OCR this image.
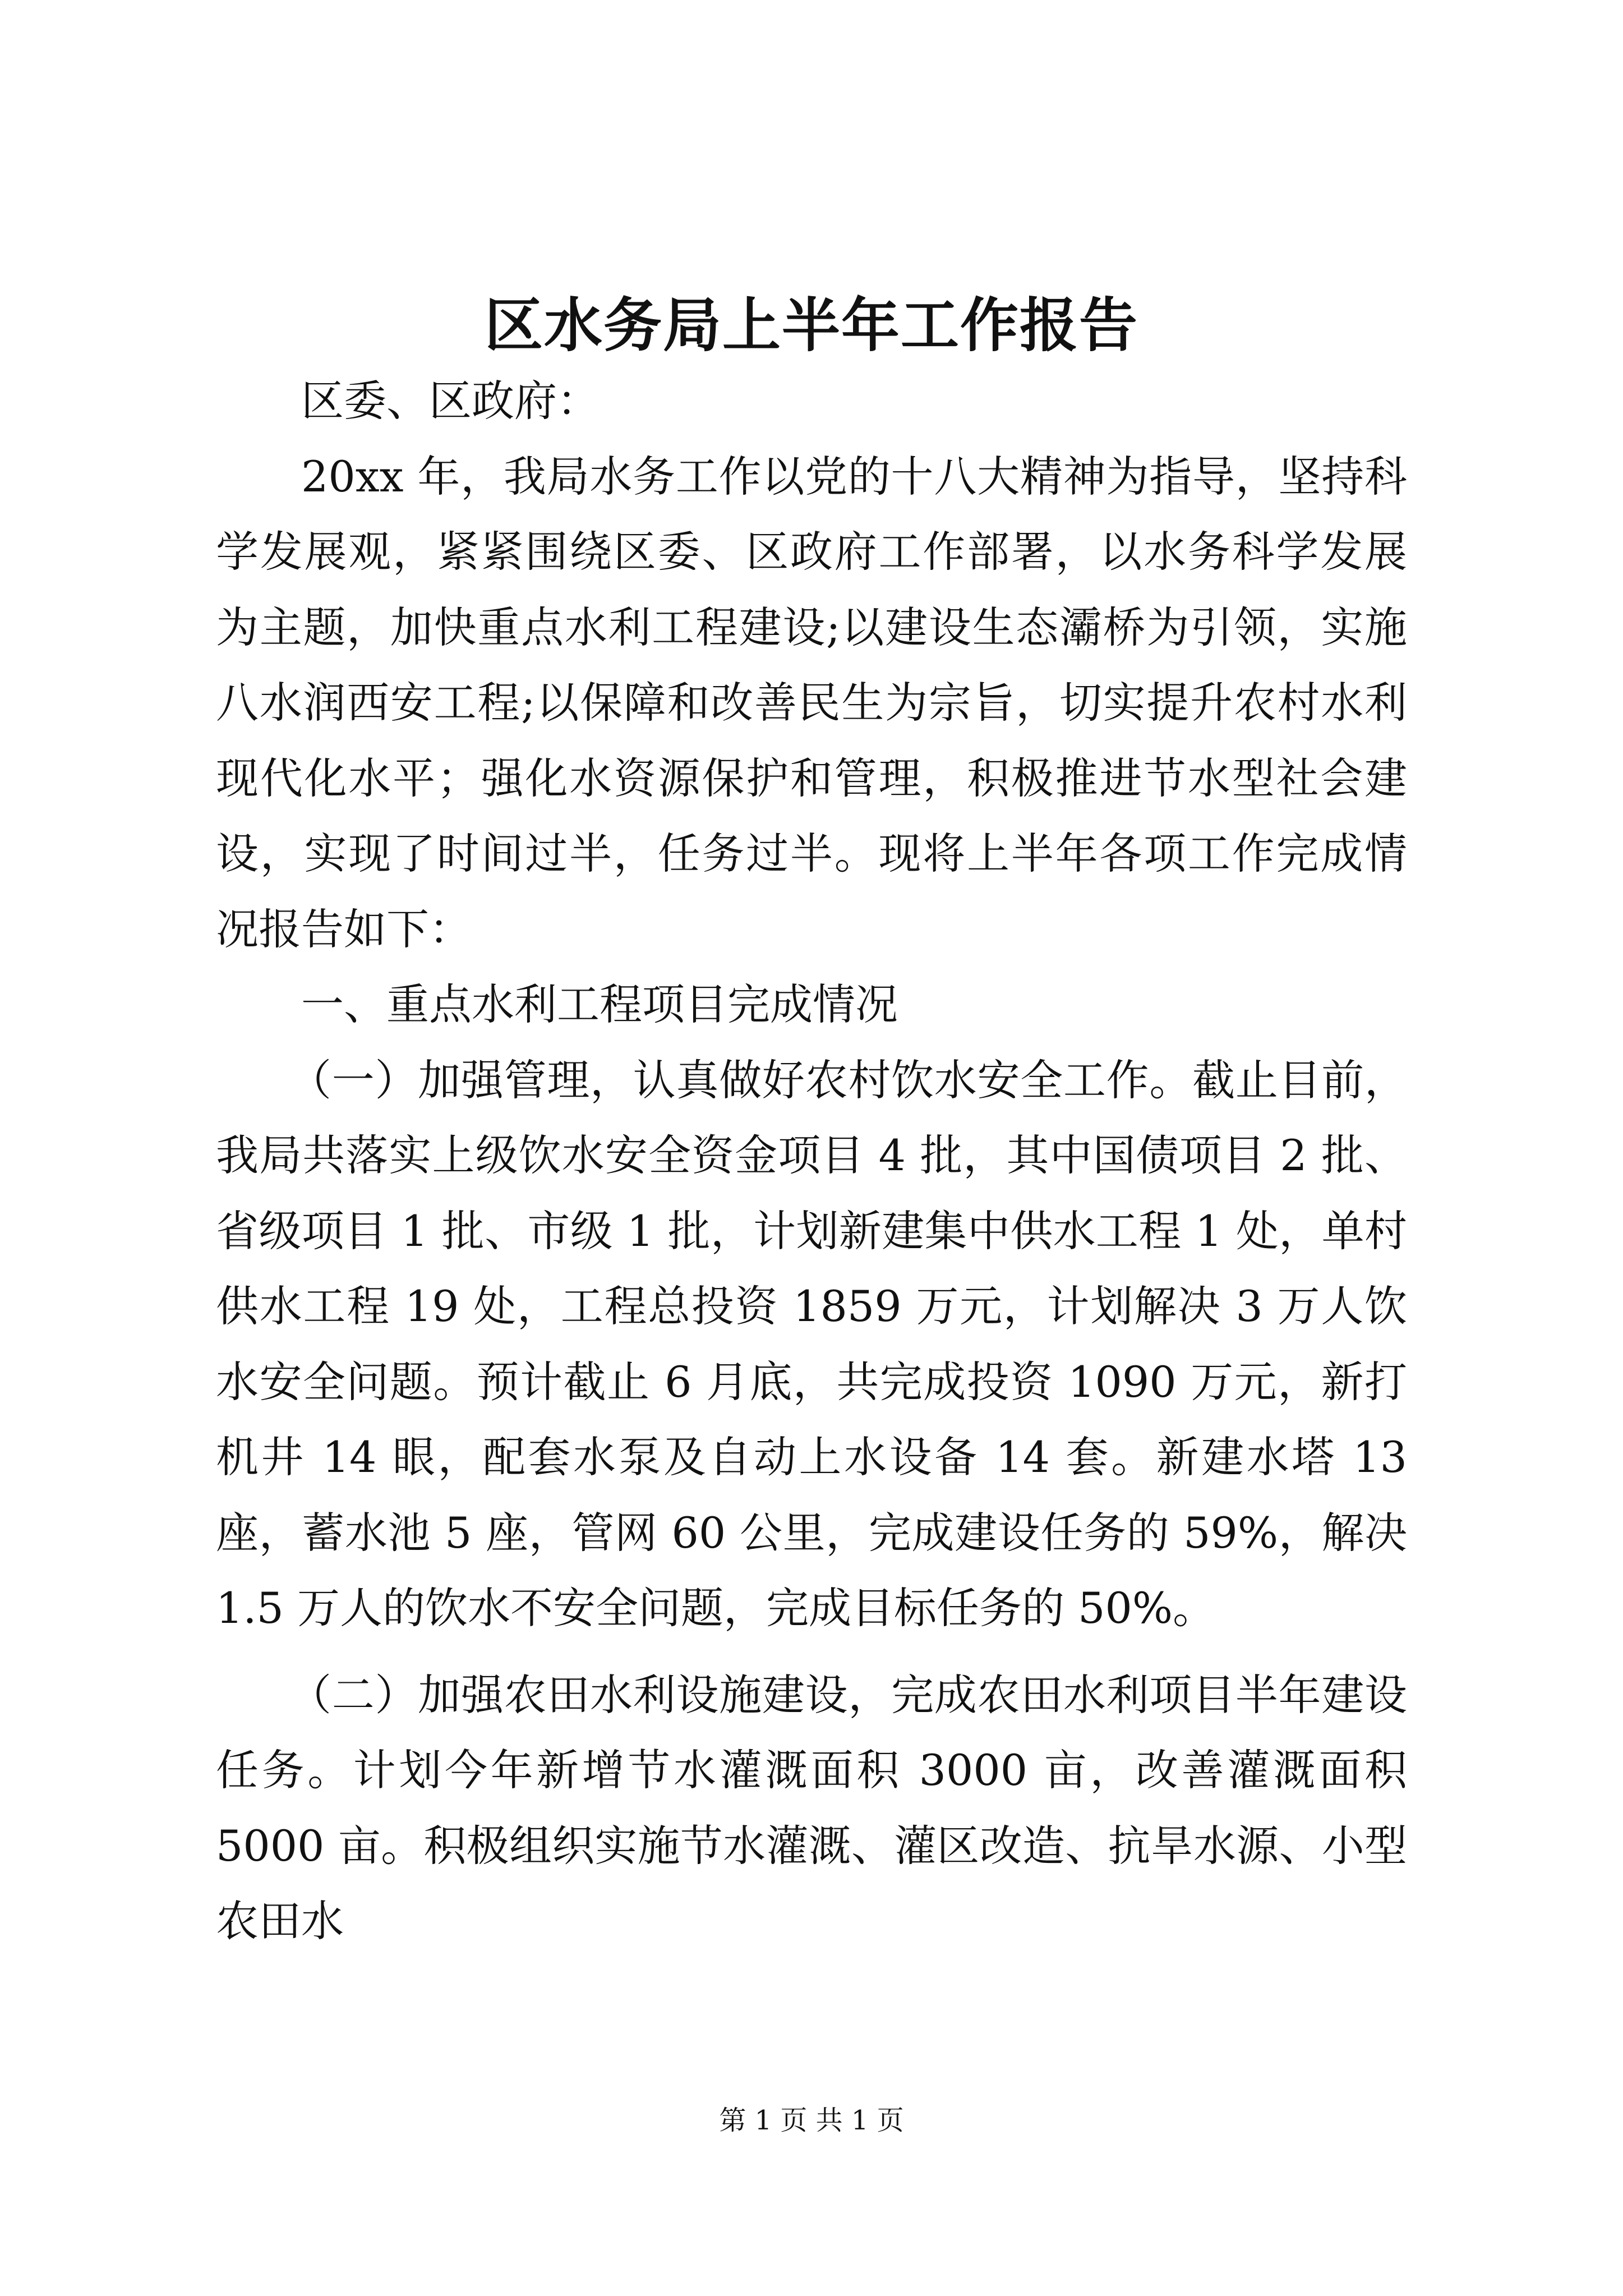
区水务局上半年工作报告

区委、区政府：

20xx 年，我局水务工作以党的十八大精神为指导，坚持科学发展观，紧紧围绕区委、区政府工作部署，以水务科学发展为主题，加快重点水利工程建设;以建设生态灞桥为引领，实施八水润西安工程;以保障和改善民生为宗旨，切实提升农村水利现代化水平；强化水资源保护和管理，积极推进节水型社会建设，实现了时间过半，任务过半。现将上半年各项工作完成情况报告如下：

一、重点水利工程项目完成情况

（一）加强管理，认真做好农村饮水安全工作。截止目前，我局共落实上级饮水安全资金项目 4 批，其中国债项目 2 批、省级项目 1 批、市级 1 批，计划新建集中供水工程 1 处，单村供水工程 19 处，工程总投资 1859 万元，计划解决 3 万人饮水安全问题。预计截止 6 月底，共完成投资 1090 万元，新打机井 14 眼，配套水泵及自动上水设备 14 套。新建水塔 13 座，蓄水池 5 座，管网 60 公里，完成建设任务的 59%，解决 1.5 万人的饮水不安全问题，完成目标任务的 50%。

（二）加强农田水利设施建设，完成农田水利项目半年建设任务。计划今年新增节水灌溉面积 3000 亩，改善灌溉面积 5000 亩。积极组织实施节水灌溉、灌区改造、抗旱水源、小型农田水

第 1 页 共 1 页
